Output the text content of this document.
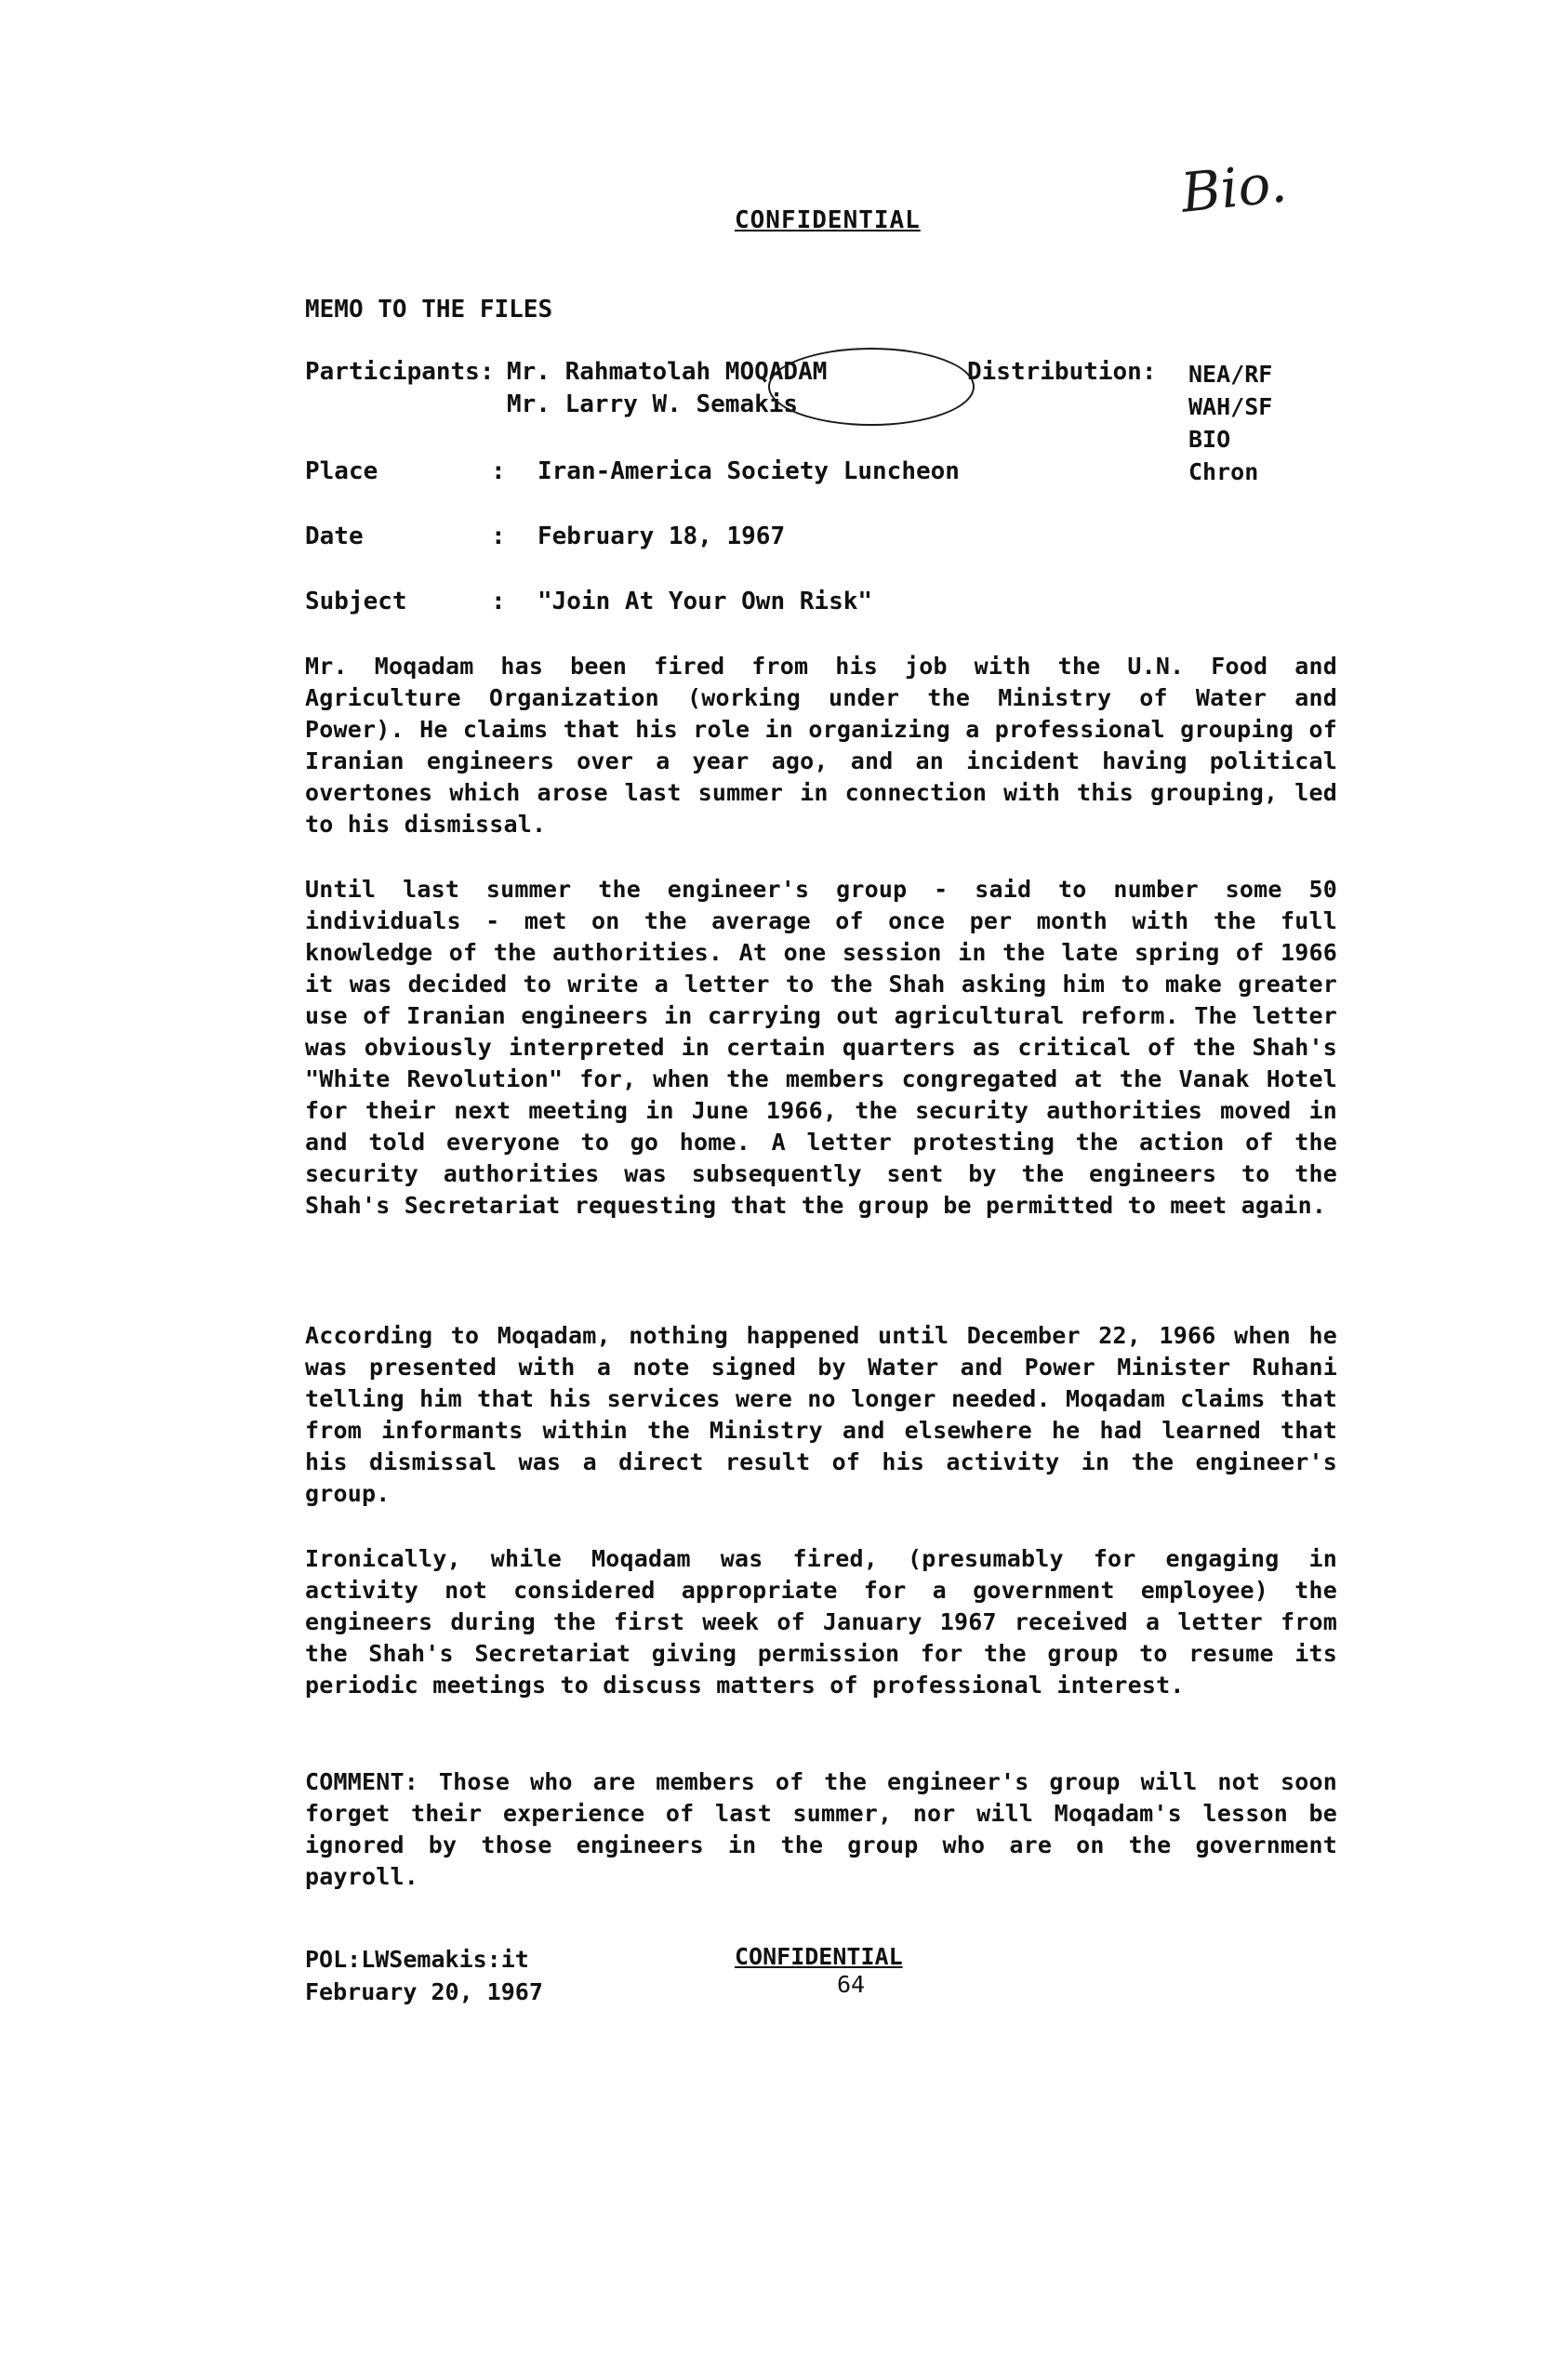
CONFIDENTIAL	Bio.
MEMO TO THE FILES
Participants: Mr. Rahmatolah MOQADAM
Mr. Larry W. Semakis
Distribution: NEA/RF
WAH/SF
BIO
Chron
Place	: Iran-America Society Luncheon
Date	: February 18, 1967
Subject	: "Join At Your Own Risk"
Mr. Moqadam has been fired from his job with the U.N. Food and Agriculture Organization (working under the Ministry of Water and Power). He claims that his role in organizing a professional grouping of Iranian engineers over a year ago, and an incident having political overtones which arose last summer in connection with this grouping, led to his dismissal.
Until last summer the engineer's group - said to number some 50 individuals - met on the average of once per month with the full knowledge of the authorities. At one session in the late spring of 1966 it was decided to write a letter to the Shah asking him to make greater use of Iranian engineers in carrying out agricultural reform. The letter was obviously interpreted in certain quarters as critical of the Shah's "White Revolution" for, when the members congregated at the Vanak Hotel for their next meeting in June 1966, the security authorities moved in and told everyone to go home. A letter protesting the action of the security authorities was subsequently sent by the engineers to the Shah's Secretariat requesting that the group be permitted to meet again.
According to Moqadam, nothing happened until December 22, 1966 when he was presented with a note signed by Water and Power Minister Ruhani telling him that his services were no longer needed. Moqadam claims that from informants within the Ministry and elsewhere he had learned that his dismissal was a direct result of his activity in the engineer's group.
Ironically, while Moqadam was fired, (presumably for engaging in activity not considered appropriate for a government employee) the engineers during the first week of January 1967 received a letter from the Shah's Secretariat giving permission for the group to resume its periodic meetings to discuss matters of professional interest.
COMMENT: Those who are members of the engineer's group will not soon forget their experience of last summer, nor will Moqadam's lesson be ignored by those engineers in the group who are on the government payroll.
POL:LWSemakis:it
February 20, 1967
CONFIDENTIAL
64
